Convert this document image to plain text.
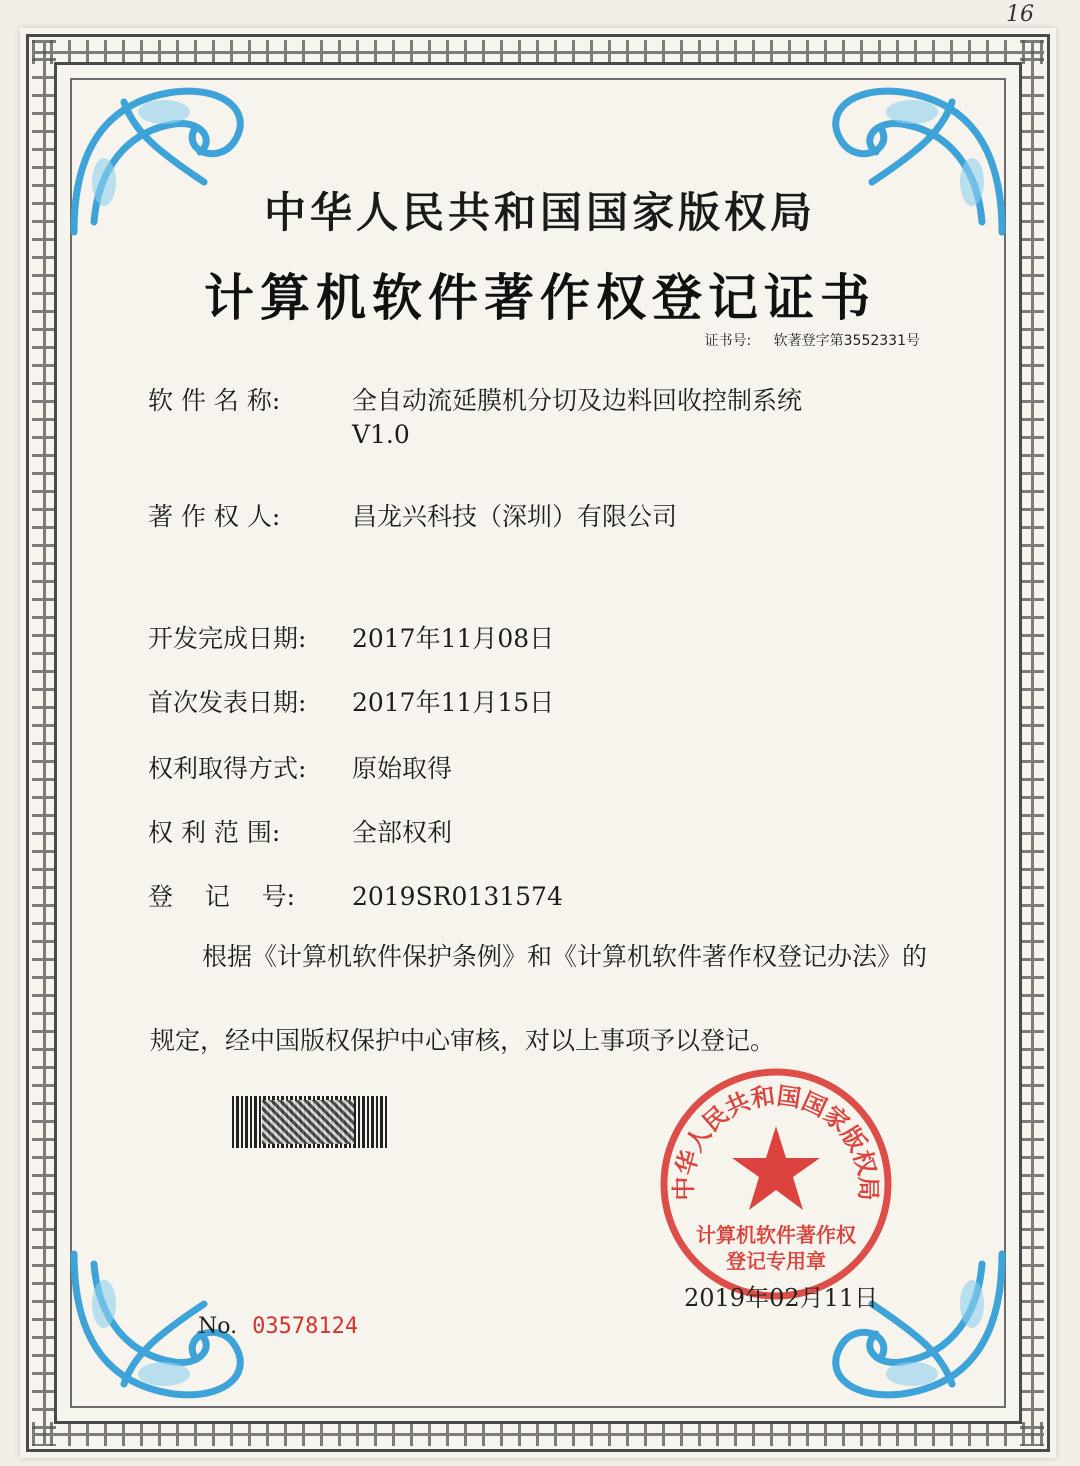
16
中华人民共和国国家版权局
计算机软件著作权登记证书
证书号: 软著登字第3552331号
软 件 名 称:	全自动流延膜机分切及边料回收控制系统
V1.0
著 作 权 人:	昌龙兴科技（深圳）有限公司
开发完成日期: 2017年11月08日
首次发表日期: 2017年11月15日
权利取得方式: 原始取得
权 利 范 围:	全部权利
登    记    号: 2019SR0131574
根据《计算机软件保护条例》和《计算机软件著作权登记办法》的
规定，经中国版权保护中心审核，对以上事项予以登记。
中华人民共和国国家版权局
计算机软件著作权
登记专用章
2019年02月11日
No. 03578124
